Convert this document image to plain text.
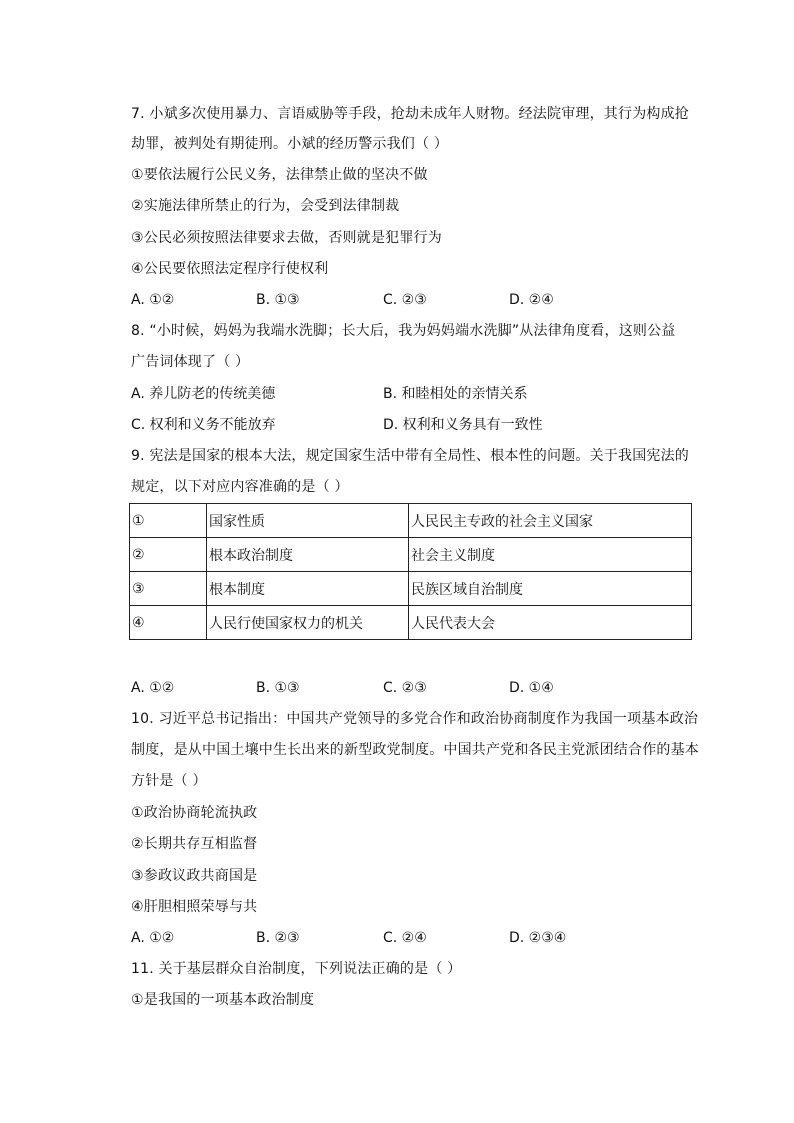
7. 小斌多次使用暴力、言语威胁等手段，抢劫未成年人财物。经法院审理，其行为构成抢
劫罪，被判处有期徒刑。小斌的经历警示我们（ ）
①要依法履行公民义务，法律禁止做的坚决不做
②实施法律所禁止的行为，会受到法律制裁
③公民必须按照法律要求去做，否则就是犯罪行为
④公民要依照法定程序行使权利
A. ①②	B. ①③	C. ②③	D. ②④
8. “小时候，妈妈为我端水洗脚；长大后，我为妈妈端水洗脚”从法律角度看，这则公益
广告词体现了（ ）
A. 养儿防老的传统美德	B. 和睦相处的亲情关系
C. 权利和义务不能放弃	D. 权利和义务具有一致性
9. 宪法是国家的根本大法，规定国家生活中带有全局性、根本性的问题。关于我国宪法的
规定，以下对应内容准确的是（ ）
①	国家性质	人民民主专政的社会主义国家
②	根本政治制度	社会主义制度
③	根本制度	民族区域自治制度
④	人民行使国家权力的机关	人民代表大会
A. ①②	B. ①③	C. ②③	D. ①④
10. 习近平总书记指出：中国共产党领导的多党合作和政治协商制度作为我国一项基本政治
制度，是从中国土壤中生长出来的新型政党制度。中国共产党和各民主党派团结合作的基本
方针是（ ）
①政治协商轮流执政
②长期共存互相监督
③参政议政共商国是
④肝胆相照荣辱与共
A. ①②	B. ②③	C. ②④	D. ②③④
11. 关于基层群众自治制度，下列说法正确的是（ ）
①是我国的一项基本政治制度
